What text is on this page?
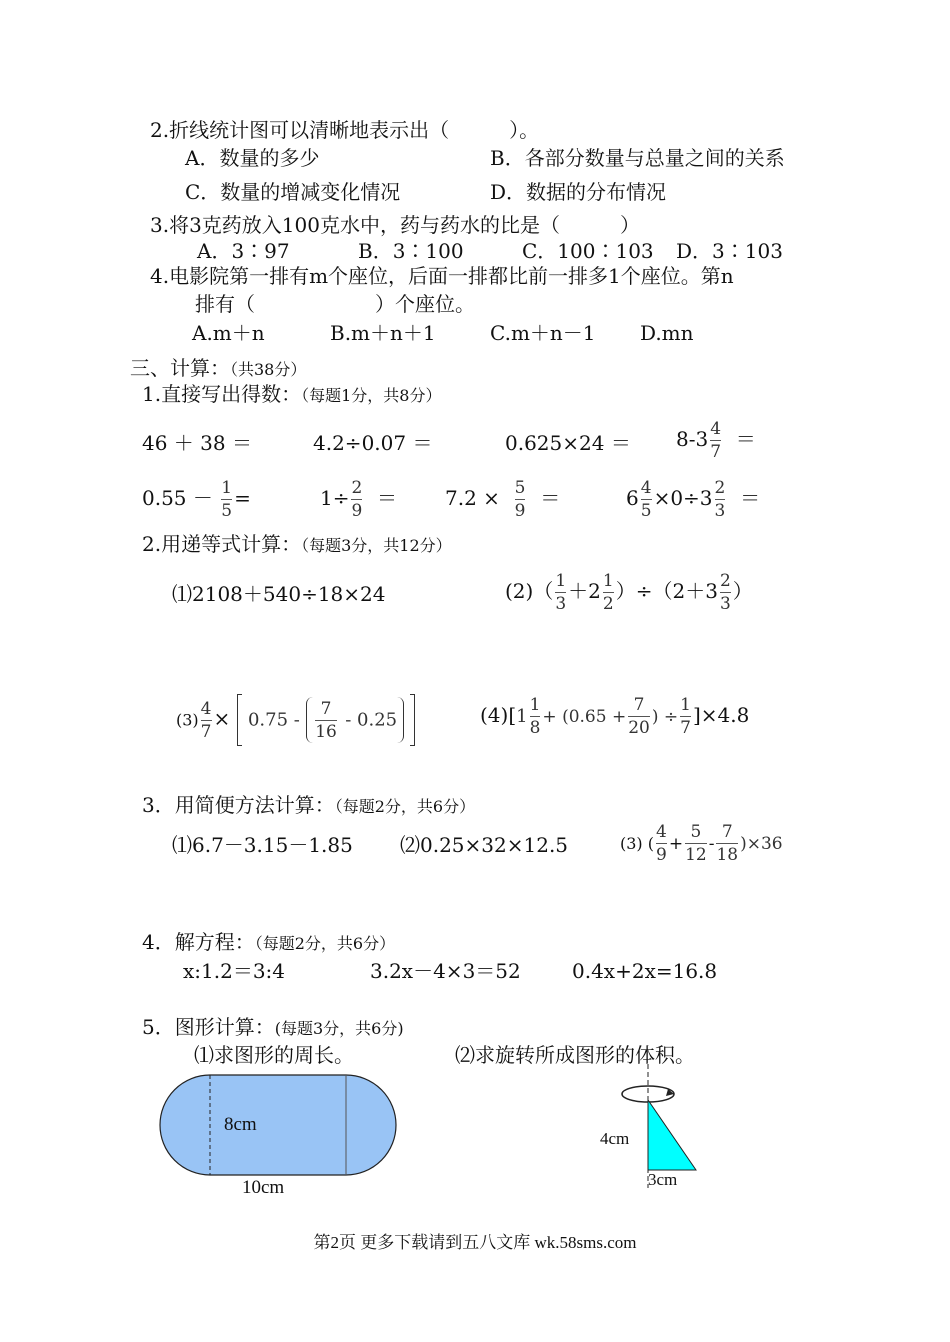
2.折线统计图可以清晰地表示出（　　　）。
A．数量的多少	B．各部分数量与总量之间的关系
C．数量的增减变化情况	D．数据的分布情况
3.将3克药放入100克水中，药与药水的比是（　　　）
A．3∶97	B．3∶100	C．100∶103 D．3∶103
4.电影院第一排有m个座位，后面一排都比前一排多1个座位。第n
排有（　　　　　　）个座位。
A.m＋n	B.m＋n＋1	C.m＋n－1 D.mn
三、计算：（共38分）
1.直接写出得数：（每题1分，共8分）
46 ＋ 38 ＝	4.2÷0.07 ＝	$0.625\times 24 = 8-3 \frac{4}{7}$ ＝
$0.55 - \frac{1}{5}$ =	$1\div \frac{2}{9} = 7.2 \times \frac{5}{9}$ ＝	$6 \frac{4}{5} \times 0\div 3 \frac{2}{3}$ ＝
2.用递等式计算：（每题3分，共12分）
⑴2108＋540÷18×24	$(2)( \frac{1}{3} +2 \frac{1}{2} )\div(2+3 \frac{2}{3}$ ）
$(3) \frac{4}{7} \times 0.75 - \frac{7}{16} - 0.25$	$(4)[1 \frac{1}{8} + (0.65 + \frac{7}{20}$ ) ÷ $\frac{1}{7} ]\times 4.8$
3．用简便方法计算：（每题2分，共6分）
⑴6.7－3.15－1.85 ⑵0.25×32×12.5	(3) ( $\frac{4}{9} + \frac{5}{12} - \frac{7}{18} )\times 36$
4．解方程：（每题2分，共6分）
x:1.2＝3:4	3.2x－4×3＝52	0.4x+2x=16.8
5．图形计算：(每题3分，共6分)
⑴求图形的周长。	⑵求旋转所成图形的体积。
8cm
10cm
4cm
3cm
第2页 更多下载请到五八文库 wk.58sms.com
